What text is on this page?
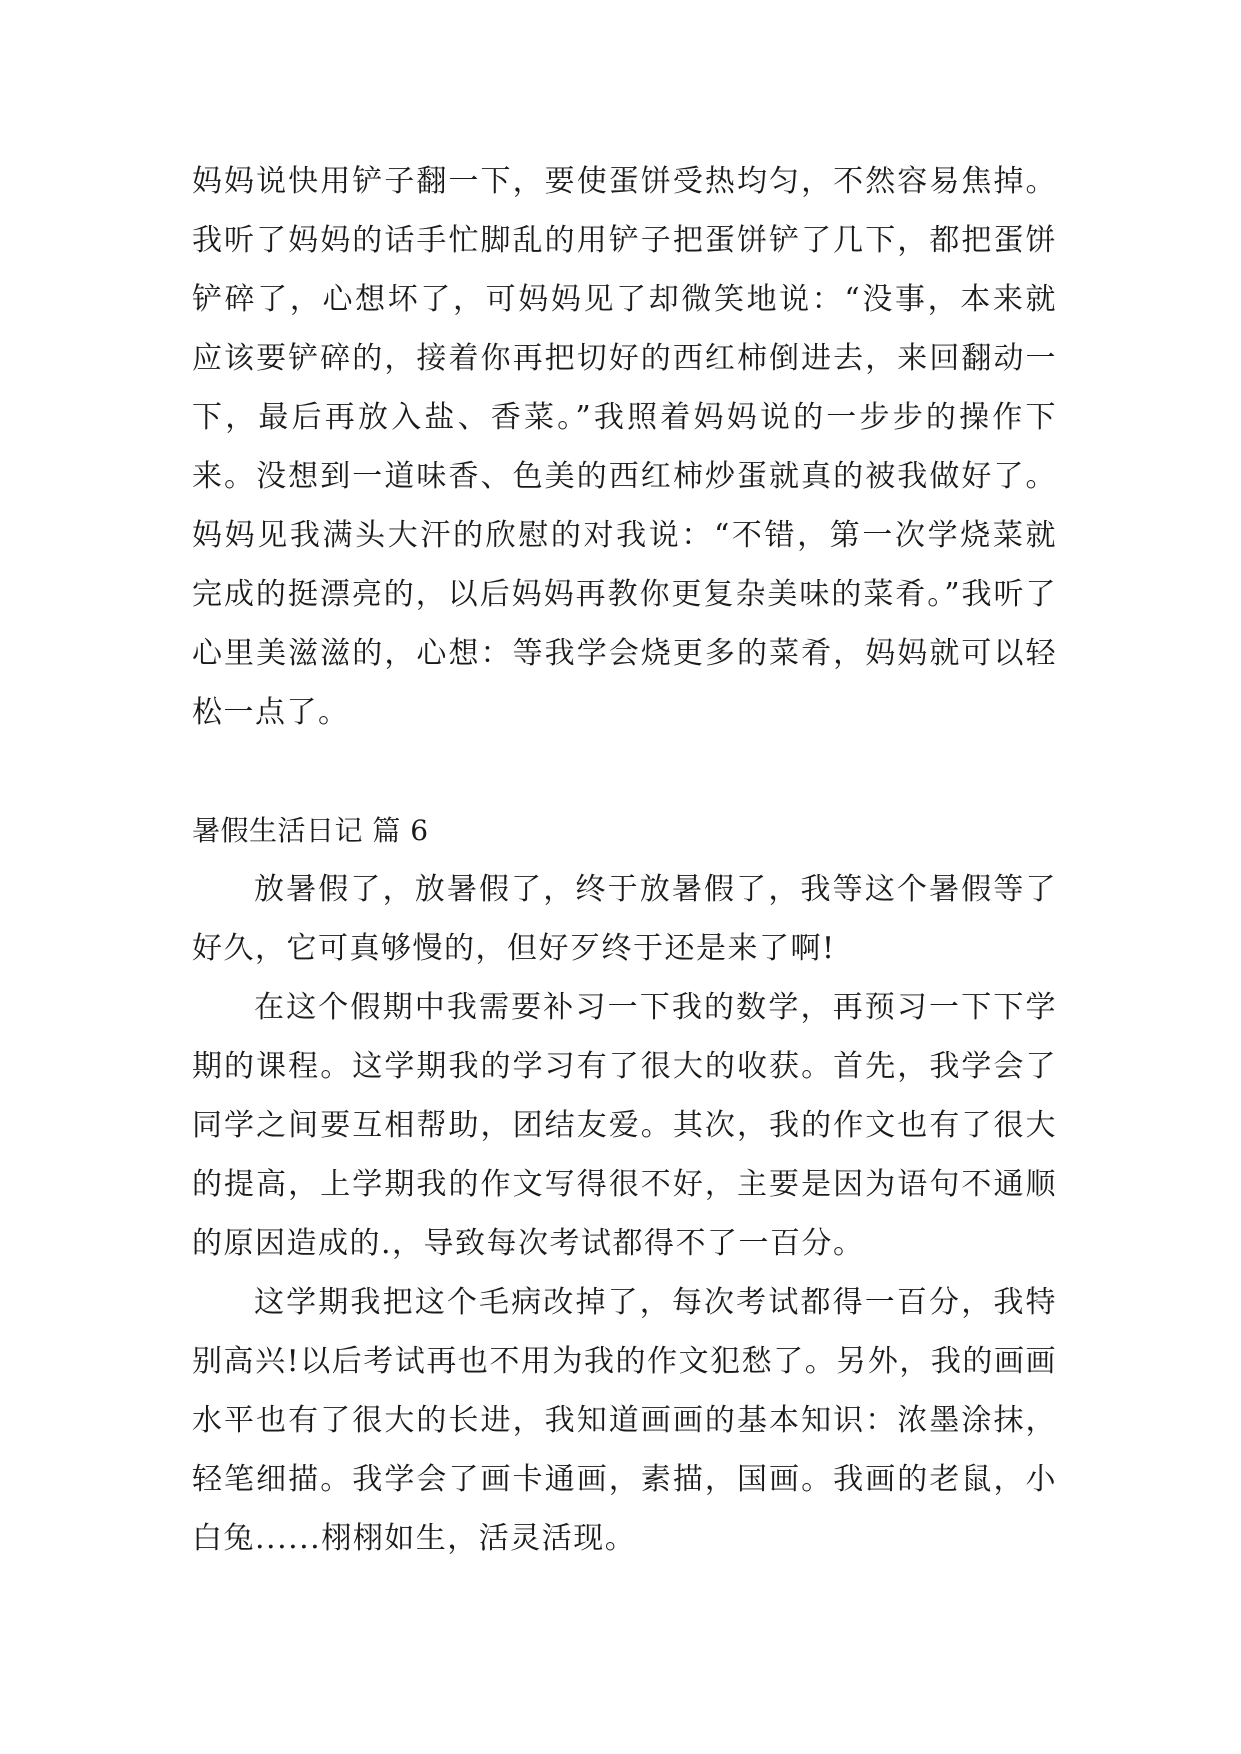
妈妈说快用铲子翻一下，要使蛋饼受热均匀，不然容易焦掉。我听了妈妈的话手忙脚乱的用铲子把蛋饼铲了几下，都把蛋饼铲碎了，心想坏了，可妈妈见了却微笑地说：“没事，本来就应该要铲碎的，接着你再把切好的西红柿倒进去，来回翻动一下，最后再放入盐、香菜。”我照着妈妈说的一步步的操作下来。没想到一道味香、色美的西红柿炒蛋就真的被我做好了。妈妈见我满头大汗的欣慰的对我说：“不错，第一次学烧菜就完成的挺漂亮的，以后妈妈再教你更复杂美味的菜肴。”我听了心里美滋滋的，心想：等我学会烧更多的菜肴，妈妈就可以轻松一点了。

暑假生活日记 篇 6

放暑假了，放暑假了，终于放暑假了，我等这个暑假等了好久，它可真够慢的，但好歹终于还是来了啊!

在这个假期中我需要补习一下我的数学，再预习一下下学期的课程。这学期我的学习有了很大的收获。首先，我学会了同学之间要互相帮助，团结友爱。其次，我的作文也有了很大的提高，上学期我的作文写得很不好，主要是因为语句不通顺的原因造成的.，导致每次考试都得不了一百分。

这学期我把这个毛病改掉了，每次考试都得一百分，我特别高兴!以后考试再也不用为我的作文犯愁了。另外，我的画画水平也有了很大的长进，我知道画画的基本知识：浓墨涂抹，轻笔细描。我学会了画卡通画，素描，国画。我画的老鼠，小白兔......栩栩如生，活灵活现。
